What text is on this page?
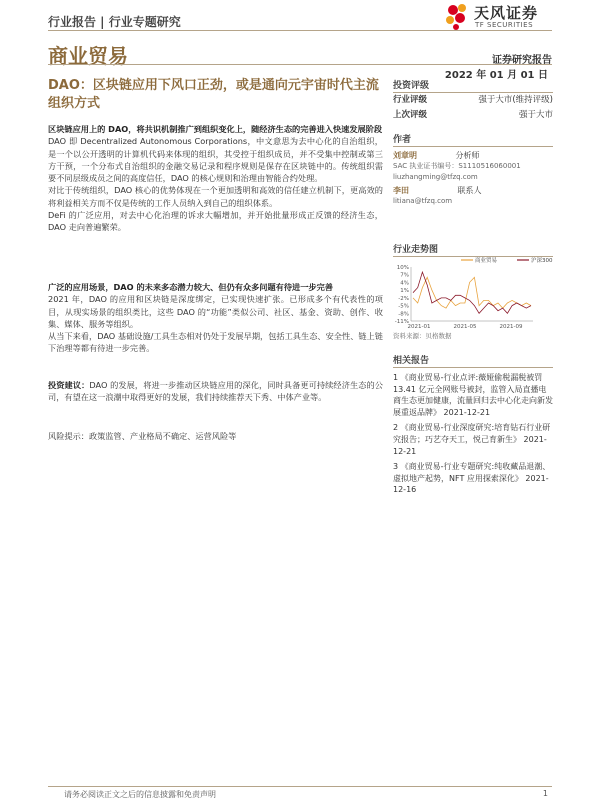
行业报告 | 行业专题研究	天风证券
TF SECURITIES
商业贸易	证券研究报告
2022 年 01 月 01 日
DAO：区块链应用下风口正劲，或是通向元宇宙时代主流组织方式
区块链应用上的 DAO，将共识机制推广到组织变化上，随经济生态的完善进入快速发展阶段
DAO 即 Decentralized Autonomous Corporations，中文意思为去中心化的自治组织，是一个以公开透明的计算机代码来体现的组织，其受控于组织成员，并不受集中控制或第三方干预，一个分布式自治组织的金融交易记录和程序规则是保存在区块链中的。传统组织需要不同层级成员之间的高度信任，DAO 的核心规则和治理由智能合约处理。
对比于传统组织，DAO 核心的优势体现在一个更加透明和高效的信任建立机制下，更高效的将利益相关方而不仅是传统的工作人员纳入到自己的组织体系。
DeFi 的广泛应用，对去中心化治理的诉求大幅增加，并开始批量形成正反馈的经济生态，DAO 走向普遍繁荣。
广泛的应用场景，DAO 的未来多态潜力较大、但仍有众多问题有待进一步完善
2021 年，DAO 的应用和区块链是深度绑定，已实现快速扩张。已形成多个有代表性的项目，从现实场景的组织类比，这些 DAO 的“功能”类似公司、社区、基金、资助、创作、收集、媒体、服务等组织。
从当下来看，DAO 基础设施/工具生态相对仍处于发展早期，包括工具生态、安全性、链上链下治理等都有待进一步完善。
投资建议：DAO 的发展，将进一步推动区块链应用的深化，同时具备更可持续经济生态的公司，有望在这一浪潮中取得更好的发展，我们持续推荐天下秀、中体产业等。
风险提示：政策监管、产业格局不确定、运营风险等
投资评级
行业评级	强于大市(维持评级)
上次评级	强于大市
作者
刘章明	分析师
SAC 执业证书编号：S1110516060001
liuzhangming@tfzq.com
李田	联系人
litiana@tfzq.com
行业走势图
10%
7%
4%
1%
-2%
-5%
-8%
-11%
2021-01	2021-05	2021-09
商业贸易	沪深300
资料来源：贝格数据
相关报告
1 《商业贸易-行业点评:薇娅偷税漏税被罚 13.41 亿元全网账号被封，监管入局直播电商生态更加健康，流量回归去中心化走向新发展重返品牌》 2021-12-21
2 《商业贸易-行业深度研究:培育钻石行业研究报告；巧艺夺天工，悦己育新生》 2021-12-21
3 《商业贸易-行业专题研究:纯收藏品退潮、虚拟地产起势，NFT 应用探索深化》 2021-12-16
请务必阅读正文之后的信息披露和免责声明	1
